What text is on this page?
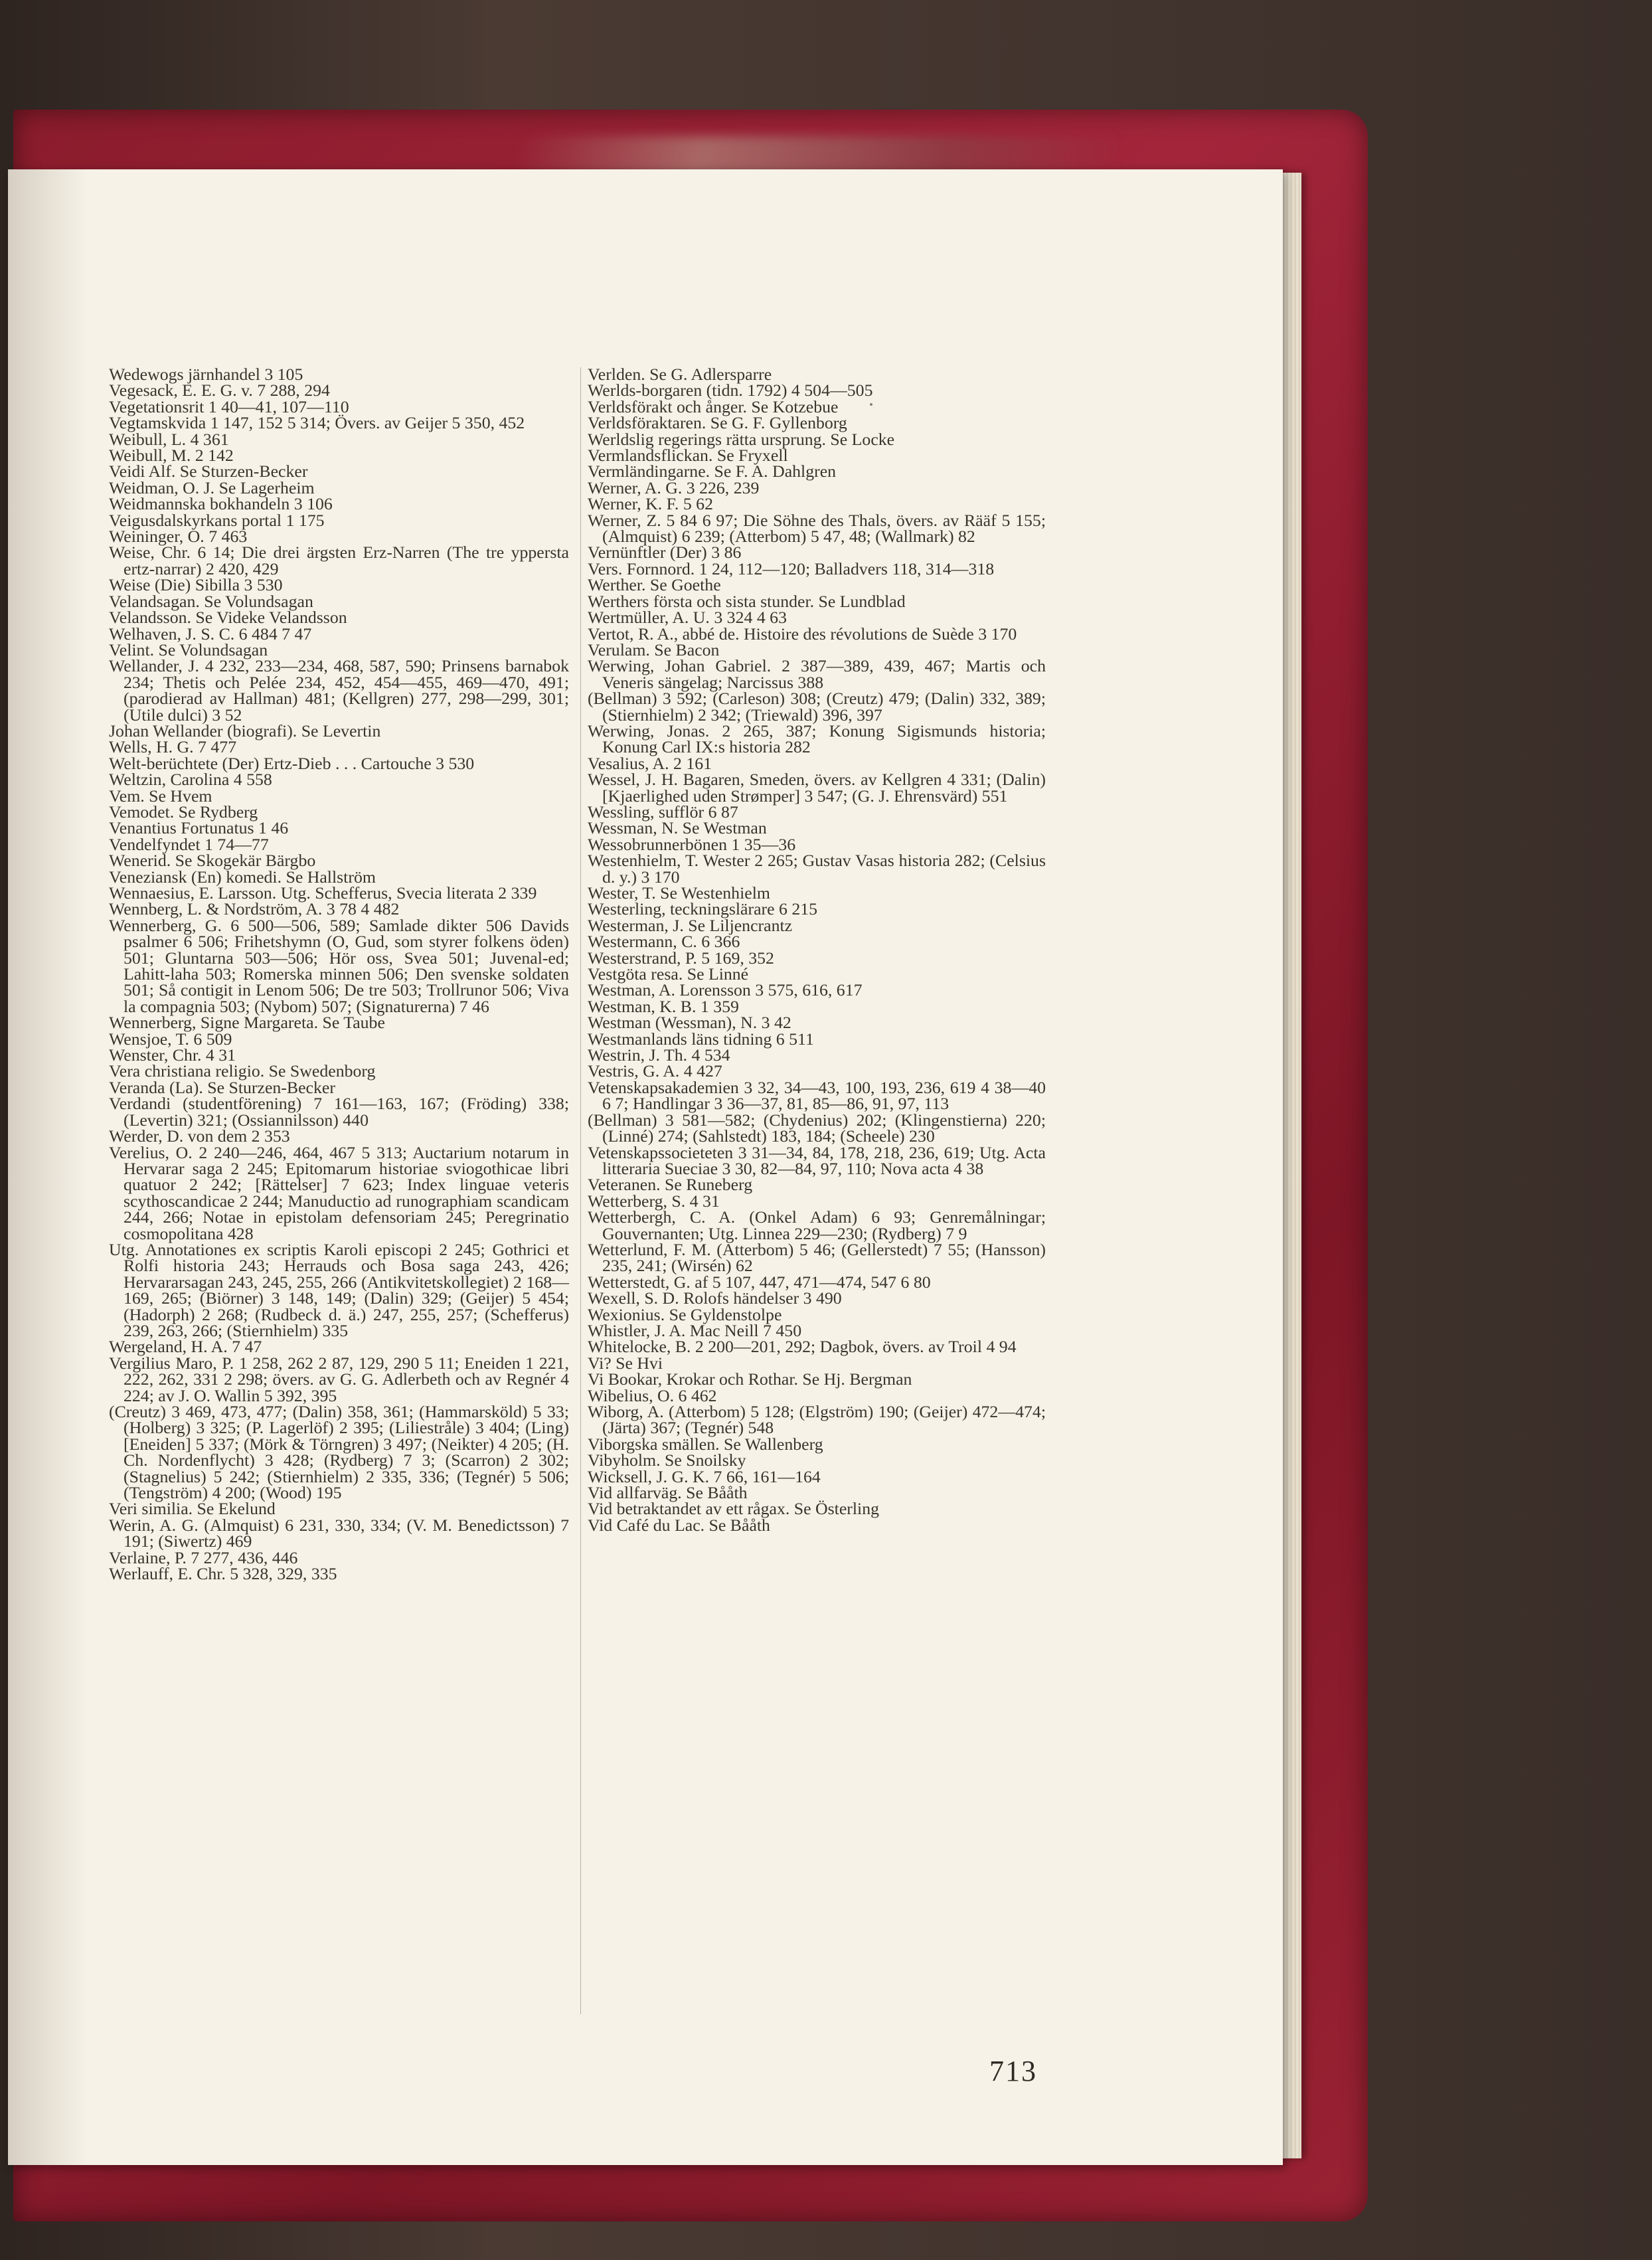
Wedewogs järnhandel 3 105

Vegesack, E. E. G. v. 7 288, 294

Vegetationsrit 1 40—41, 107—110

Vegtamskvida 1 147, 152 5 314; Övers. av Geijer 5 350, 452

Weibull, L. 4 361

Weibull, M. 2 142

Veidi Alf. Se Sturzen-Becker

Weidman, O. J. Se Lagerheim

Weidmannska bokhandeln 3 106

Veigusdalskyrkans portal 1 175

Weininger, O. 7 463

Weise, Chr. 6 14; Die drei ärgsten Erz-Narren (The tre yppersta ertz-narrar) 2 420, 429

Weise (Die) Sibilla 3 530

Velandsagan. Se Volundsagan

Velandsson. Se Videke Velandsson

Welhaven, J. S. C. 6 484 7 47

Velint. Se Volundsagan

Wellander, J. 4 232, 233—234, 468, 587, 590; Prinsens barnabok 234; Thetis och Pelée 234, 452, 454—455, 469—470, 491; (parodierad av Hallman) 481; (Kellgren) 277, 298—299, 301; (Utile dulci) 3 52

Johan Wellander (biografi). Se Levertin

Wells, H. G. 7 477

Welt-berüchtete (Der) Ertz-Dieb . . . Cartouche 3 530

Weltzin, Carolina 4 558

Vem. Se Hvem

Vemodet. Se Rydberg

Venantius Fortunatus 1 46

Vendelfyndet 1 74—77

Wenerid. Se Skogekär Bärgbo

Veneziansk (En) komedi. Se Hallström

Wennaesius, E. Larsson. Utg. Schefferus, Svecia literata 2 339

Wennberg, L. & Nordström, A. 3 78 4 482

Wennerberg, G. 6 500—506, 589; Samlade dikter 506 Davids psalmer 6 506; Frihetshymn (O, Gud, som styrer folkens öden) 501; Gluntarna 503—506; Hör oss, Svea 501; Juvenal-ed; Lahitt-laha 503; Romerska minnen 506; Den svenske soldaten 501; Så contigit in Lenom 506; De tre 503; Trollrunor 506; Viva la compagnia 503; (Nybom) 507; (Signaturerna) 7 46

Wennerberg, Signe Margareta. Se Taube

Wensjoe, T. 6 509

Wenster, Chr. 4 31

Vera christiana religio. Se Swedenborg

Veranda (La). Se Sturzen-Becker

Verdandi (studentförening) 7 161—163, 167; (Fröding) 338; (Levertin) 321; (Ossiannilsson) 440

Werder, D. von dem 2 353

Verelius, O. 2 240—246, 464, 467 5 313; Auctarium notarum in Hervarar saga 2 245; Epitomarum historiae sviogothicae libri quatuor 2 242; [Rättelser] 7 623; Index linguae veteris scythoscandicae 2 244; Manuductio ad runographiam scandicam 244, 266; Notae in epistolam defensoriam 245; Peregrinatio cosmopolitana 428

Utg. Annotationes ex scriptis Karoli episcopi 2 245; Gothrici et Rolfi historia 243; Herrauds och Bosa saga 243, 426; Hervararsagan 243, 245, 255, 266 (Antikvitetskollegiet) 2 168—169, 265; (Biörner) 3 148, 149; (Dalin) 329; (Geijer) 5 454; (Hadorph) 2 268; (Rudbeck d. ä.) 247, 255, 257; (Schefferus) 239, 263, 266; (Stiernhielm) 335

Wergeland, H. A. 7 47

Vergilius Maro, P. 1 258, 262 2 87, 129, 290 5 11; Eneiden 1 221, 222, 262, 331 2 298; övers. av G. G. Adlerbeth och av Regnér 4 224; av J. O. Wallin 5 392, 395

(Creutz) 3 469, 473, 477; (Dalin) 358, 361; (Hammarsköld) 5 33; (Holberg) 3 325; (P. Lagerlöf) 2 395; (Liliestråle) 3 404; (Ling) [Eneiden] 5 337; (Mörk & Törngren) 3 497; (Neikter) 4 205; (H. Ch. Nordenflycht) 3 428; (Rydberg) 7 3; (Scarron) 2 302; (Stagnelius) 5 242; (Stiernhielm) 2 335, 336; (Tegnér) 5 506; (Tengström) 4 200; (Wood) 195

Veri similia. Se Ekelund

Werin, A. G. (Almquist) 6 231, 330, 334; (V. M. Benedictsson) 7 191; (Siwertz) 469

Verlaine, P. 7 277, 436, 446

Werlauff, E. Chr. 5 328, 329, 335

Verlden. Se G. Adlersparre

Werlds-borgaren (tidn. 1792) 4 504—505

Verldsförakt och ånger. Se Kotzebue

Verldsföraktaren. Se G. F. Gyllenborg

Werldslig regerings rätta ursprung. Se Locke

Vermlandsflickan. Se Fryxell

Vermländingarne. Se F. A. Dahlgren

Werner, A. G. 3 226, 239

Werner, K. F. 5 62

Werner, Z. 5 84 6 97; Die Söhne des Thals, övers. av Rääf 5 155; (Almquist) 6 239; (Atterbom) 5 47, 48; (Wallmark) 82

Vernünftler (Der) 3 86

Vers. Fornnord. 1 24, 112—120; Balladvers 118, 314—318

Werther. Se Goethe

Werthers första och sista stunder. Se Lundblad

Wertmüller, A. U. 3 324 4 63

Vertot, R. A., abbé de. Histoire des révolutions de Suède 3 170

Verulam. Se Bacon

Werwing, Johan Gabriel. 2 387—389, 439, 467; Martis och Veneris sängelag; Narcissus 388

(Bellman) 3 592; (Carleson) 308; (Creutz) 479; (Dalin) 332, 389; (Stiernhielm) 2 342; (Triewald) 396, 397

Werwing, Jonas. 2 265, 387; Konung Sigismunds historia; Konung Carl IX:s historia 282

Vesalius, A. 2 161

Wessel, J. H. Bagaren, Smeden, övers. av Kellgren 4 331; (Dalin) [Kjaerlighed uden Strømper] 3 547; (G. J. Ehrensvärd) 551

Wessling, sufflör 6 87

Wessman, N. Se Westman

Wessobrunnerbönen 1 35—36

Westenhielm, T. Wester 2 265; Gustav Vasas historia 282; (Celsius d. y.) 3 170

Wester, T. Se Westenhielm

Westerling, teckningslärare 6 215

Westerman, J. Se Liljencrantz

Westermann, C. 6 366

Westerstrand, P. 5 169, 352

Vestgöta resa. Se Linné

Westman, A. Lorensson 3 575, 616, 617

Westman, K. B. 1 359

Westman (Wessman), N. 3 42

Westmanlands läns tidning 6 511

Westrin, J. Th. 4 534

Vestris, G. A. 4 427

Vetenskapsakademien 3 32, 34—43, 100, 193, 236, 619 4 38—40 6 7; Handlingar 3 36—37, 81, 85—86, 91, 97, 113

(Bellman) 3 581—582; (Chydenius) 202; (Klingenstierna) 220; (Linné) 274; (Sahlstedt) 183, 184; (Scheele) 230

Vetenskapssocieteten 3 31—34, 84, 178, 218, 236, 619; Utg. Acta litteraria Sueciae 3 30, 82—84, 97, 110; Nova acta 4 38

Veteranen. Se Runeberg

Wetterberg, S. 4 31

Wetterbergh, C. A. (Onkel Adam) 6 93; Genremålningar; Gouvernanten; Utg. Linnea 229—230; (Rydberg) 7 9

Wetterlund, F. M. (Atterbom) 5 46; (Gellerstedt) 7 55; (Hansson) 235, 241; (Wirsén) 62

Wetterstedt, G. af 5 107, 447, 471—474, 547 6 80

Wexell, S. D. Rolofs händelser 3 490

Wexionius. Se Gyldenstolpe

Whistler, J. A. Mac Neill 7 450

Whitelocke, B. 2 200—201, 292; Dagbok, övers. av Troil 4 94

Vi? Se Hvi

Vi Bookar, Krokar och Rothar. Se Hj. Bergman

Wibelius, O. 6 462

Wiborg, A. (Atterbom) 5 128; (Elgström) 190; (Geijer) 472—474; (Järta) 367; (Tegnér) 548

Viborgska smällen. Se Wallenberg

Vibyholm. Se Snoilsky

Wicksell, J. G. K. 7 66, 161—164

Vid allfarväg. Se Bååth

Vid betraktandet av ett rågax. Se Österling

Vid Café du Lac. Se Bååth

713
